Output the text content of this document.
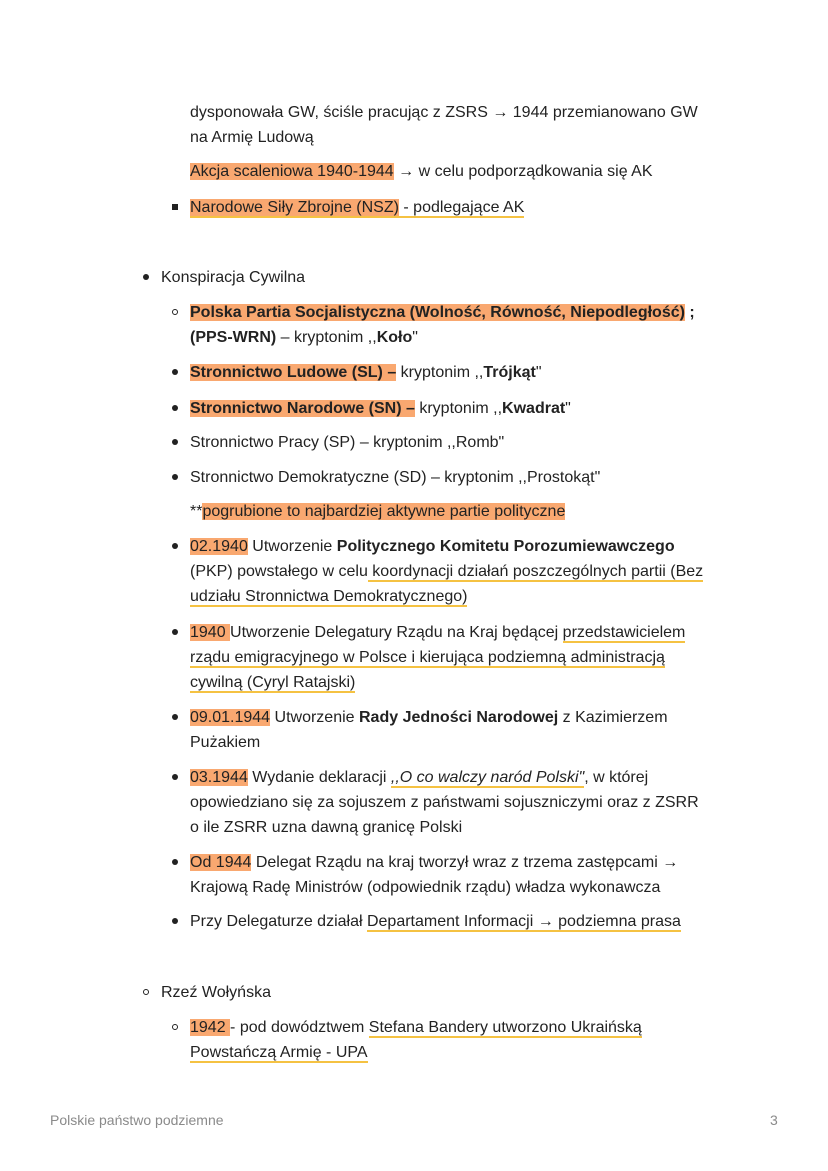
dysponowała GW, ściśle pracując z ZSRS → 1944 przemianowano GW
na Armię Ludową
Akcja scaleniowa 1940-1944 → w celu podporządkowania się AK
Narodowe Siły Zbrojne (NSZ) - podlegające AK
Konspiracja Cywilna
Polska Partia Socjalistyczna (Wolność, Równość, Niepodległość) ;
(PPS-WRN) – kryptonim ,,Koło"
Stronnictwo Ludowe (SL) – kryptonim ,,Trójkąt"
Stronnictwo Narodowe (SN) – kryptonim ,,Kwadrat"
Stronnictwo Pracy (SP) – kryptonim ,,Romb"
Stronnictwo Demokratyczne (SD) – kryptonim ,,Prostokąt"
**pogrubione to najbardziej aktywne partie polityczne
02.1940 Utworzenie Politycznego Komitetu Porozumiewawczego
(PKP) powstałego w celu koordynacji działań poszczególnych partii (Bez
udziału Stronnictwa Demokratycznego)
1940 Utworzenie Delegatury Rządu na Kraj będącej przedstawicielem
rządu emigracyjnego w Polsce i kierująca podziemną administracją
cywilną (Cyryl Ratajski)
09.01.1944 Utworzenie Rady Jedności Narodowej z Kazimierzem
Pużakiem
03.1944 Wydanie deklaracji ,,O co walczy naród Polski", w której
opowiedziano się za sojuszem z państwami sojuszniczymi oraz z ZSRR
o ile ZSRR uzna dawną granicę Polski
Od 1944 Delegat Rządu na kraj tworzył wraz z trzema zastępcami →
Krajową Radę Ministrów (odpowiednik rządu) władza wykonawcza
Przy Delegaturze działał Departament Informacji → podziemna prasa
Rzeź Wołyńska
1942 - pod dowództwem Stefana Bandery utworzono Ukraińską
Powstańczą Armię - UPA
Polskie państwo podziemne	3
